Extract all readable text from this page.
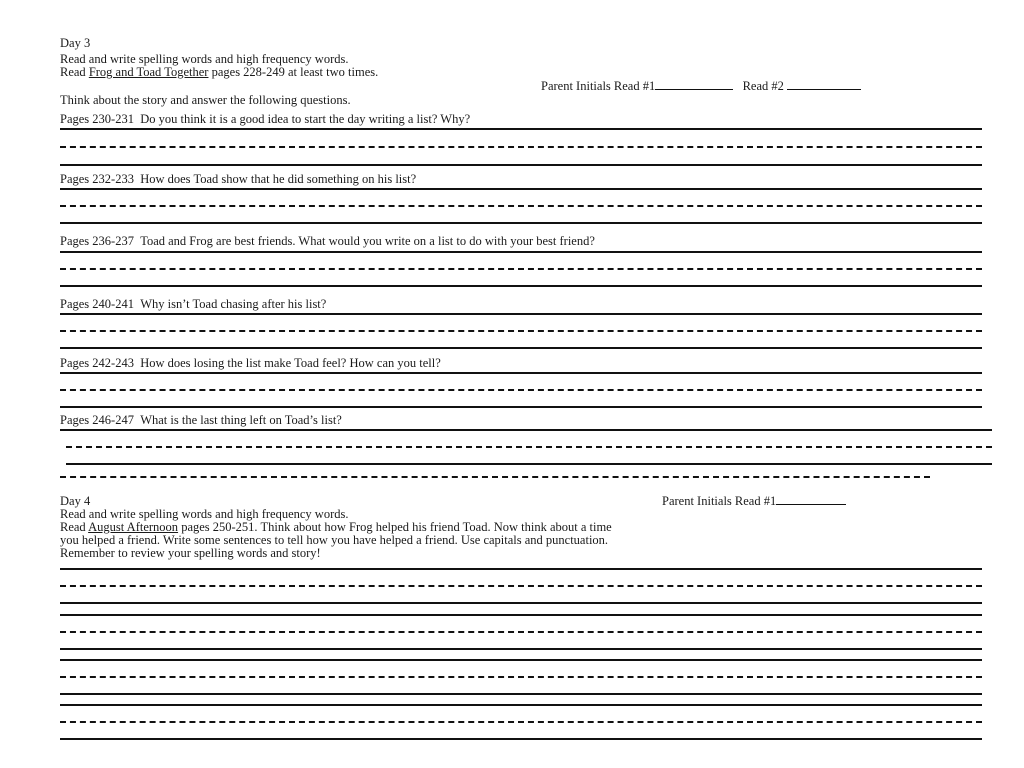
Day 3
Read and write spelling words and high frequency words.
Read Frog and Toad Together pages 228-249 at least two times.
Parent Initials Read #1	Read #2
Think about the story and answer the following questions.
Pages 230-231 Do you think it is a good idea to start the day writing a list? Why?
Pages 232-233 How does Toad show that he did something on his list?
Pages 236-237 Toad and Frog are best friends. What would you write on a list to do with your best friend?
Pages 240-241 Why isn’t Toad chasing after his list?
Pages 242-243 How does losing the list make Toad feel? How can you tell?
Pages 246-247 What is the last thing left on Toad’s list?
Day 4	Parent Initials Read #1
Read and write spelling words and high frequency words.
Read August Afternoon pages 250-251. Think about how Frog helped his friend Toad. Now think about a time
you helped a friend. Write some sentences to tell how you have helped a friend. Use capitals and punctuation.
Remember to review your spelling words and story!
